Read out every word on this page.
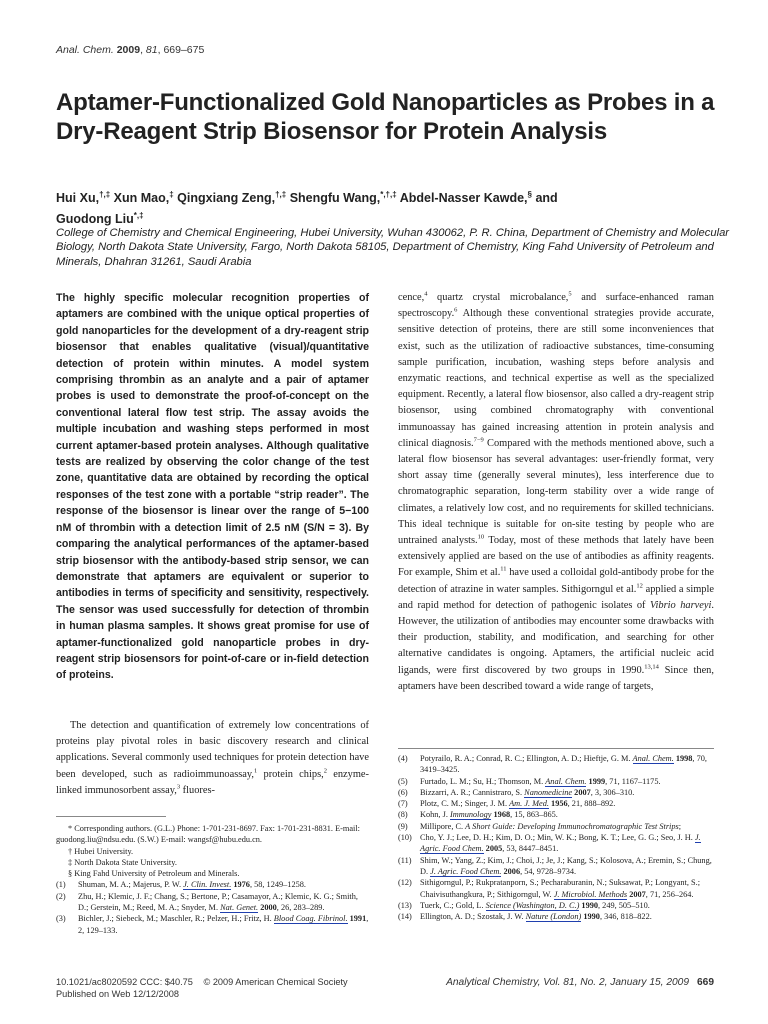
Anal. Chem. 2009, 81, 669–675
Aptamer-Functionalized Gold Nanoparticles as Probes in a Dry-Reagent Strip Biosensor for Protein Analysis
Hui Xu,†,‡ Xun Mao,‡ Qingxiang Zeng,†,‡ Shengfu Wang,*,†,‡ Abdel-Nasser Kawde,§ and
Guodong Liu*,‡
College of Chemistry and Chemical Engineering, Hubei University, Wuhan 430062, P. R. China, Department of Chemistry and Molecular Biology, North Dakota State University, Fargo, North Dakota 58105, Department of Chemistry, King Fahd University of Petroleum and Minerals, Dhahran 31261, Saudi Arabia
The highly specific molecular recognition properties of aptamers are combined with the unique optical properties of gold nanoparticles for the development of a dry-reagent strip biosensor that enables qualitative (visual)/quantitative detection of protein within minutes. A model system comprising thrombin as an analyte and a pair of aptamer probes is used to demonstrate the proof-of-concept on the conventional lateral flow test strip. The assay avoids the multiple incubation and washing steps performed in most current aptamer-based protein analyses. Although qualitative tests are realized by observing the color change of the test zone, quantitative data are obtained by recording the optical responses of the test zone with a portable “strip reader”. The response of the biosensor is linear over the range of 5−100 nM of thrombin with a detection limit of 2.5 nM (S/N = 3). By comparing the analytical performances of the aptamer-based strip biosensor with the antibody-based strip sensor, we can demonstrate that aptamers are equivalent or superior to antibodies in terms of specificity and sensitivity, respectively. The sensor was used successfully for detection of thrombin in human plasma samples. It shows great promise for use of aptamer-functionalized gold nanoparticle probes in dry-reagent strip biosensors for point-of-care or in-field detection of proteins.

The detection and quantification of extremely low concentrations of proteins play pivotal roles in basic discovery research and clinical applications. Several commonly used techniques for protein detection have been developed, such as radioimmunoassay,$^1$ protein chips,$^2$ enzyme-linked immunosorbent assay,$^3$ fluores-

cence,$^4$ quartz crystal microbalance,$^5$ and surface-enhanced raman spectroscopy.$^6$ Although these conventional strategies provide accurate, sensitive detection of proteins, there are still some inconveniences that exist, such as the utilization of radioactive substances, time-consuming sample purification, incubation, washing steps before analysis and enzymatic reactions, and technical expertise as well as the specialized equipment. Recently, a lateral flow biosensor, also called a dry-reagent strip biosensor, using combined chromatography with conventional immunoassay has gained increasing attention in protein analysis and clinical diagnosis.$^{7-9}$ Compared with the methods mentioned above, such a lateral flow biosensor has several advantages: user-friendly format, very short assay time (generally several minutes), less interference due to chromatographic separation, long-term stability over a wide range of climates, a relatively low cost, and no requirements for skilled technicians. This ideal technique is suitable for on-site testing by people who are untrained analysts.$^{10}$ Today, most of these methods that lately have been extensively applied are based on the use of antibodies as affinity reagents. For example, Shim et al.$^{11}$ have used a colloidal gold-antibody probe for the detection of atrazine in water samples. Sithigorngul et al.$^{12}$ applied a simple and rapid method for detection of pathogenic isolates of Vibrio harveyi. However, the utilization of antibodies may encounter some drawbacks with their production, stability, and modification, and searching for other alternative candidates is ongoing. Aptamers, the artificial nucleic acid ligands, were first discovered by two groups in 1990.$^{13,14}$ Since then, aptamers have been described toward a wide range of targets,

* Corresponding authors. (G.L.) Phone: 1-701-231-8697. Fax: 1-701-231-8831. E-mail: guodong.liu@ndsu.edu. (S.W.) E-mail: wangsf@hubu.edu.cn.

† Hubei University.

‡ North Dakota State University.

§ King Fahd University of Petroleum and Minerals.

(1)	Shuman, M. A.; Majerus, P. W. J. Clin. Invest. 1976, 58, 1249–1258.
(2)	Zhu, H.; Klemic, J. F.; Chang, S.; Bertone, P.; Casamayor, A.; Klemic, K. G.; Smith, D.; Gerstein, M.; Reed, M. A.; Snyder, M. Nat. Genet. 2000, 26, 283–289.
(3)	Bichler, J.; Siebeck, M.; Maschler, R.; Pelzer, H.; Fritz, H. Blood Coag. Fibrinol. 1991, 2, 129–133.
(4)	Potyrailo, R. A.; Conrad, R. C.; Ellington, A. D.; Hieftje, G. M. Anal. Chem. 1998, 70, 3419–3425.
(5)	Furtado, L. M.; Su, H.; Thomson, M. Anal. Chem. 1999, 71, 1167–1175.
(6)	Bizzarri, A. R.; Cannistraro, S. Nanomedicine 2007, 3, 306–310.
(7)	Plotz, C. M.; Singer, J. M. Am. J. Med. 1956, 21, 888–892.
(8)	Kohn, J. Immunology 1968, 15, 863–865.
(9)	Millipore, C. A Short Guide: Developing Immunochromatographic Test Strips;
(10) Cho, Y. J.; Lee, D. H.; Kim, D. O.; Min, W. K.; Bong, K. T.; Lee, G. G.; Seo, J. H. J. Agric. Food Chem. 2005, 53, 8447–8451.
(11)	Shim, W.; Yang, Z.; Kim, J.; Choi, J.; Je, J.; Kang, S.; Kolosova, A.; Eremin, S.; Chung, D. J. Agric. Food Chem. 2006, 54, 9728–9734.
(12) Sithigorngul, P.; Rukpratanporn, S.; Pecharaburanin, N.; Suksawat, P.; Longyant, S.; Chaivisuthangkura, P.; Sithigorngul, W. J. Microbiol. Methods 2007, 71, 256–264.
(13) Tuerk, C.; Gold, L. Science (Washington, D. C.) 1990, 249, 505–510.
(14) Ellington, A. D.; Szostak, J. W. Nature (London) 1990, 346, 818–822.
10.1021/ac8020592 CCC: $40.75 © 2009 American Chemical Society
Published on Web 12/12/2008
Analytical Chemistry, Vol. 81, No. 2, January 15, 2009 669
